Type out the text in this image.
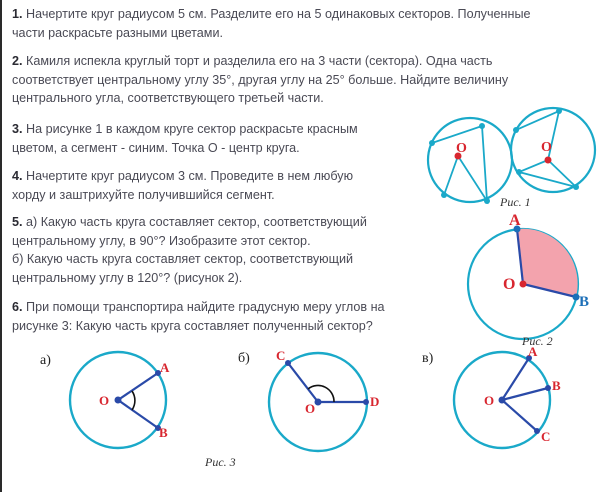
1. Начертите круг радиусом 5 см. Разделите его на 5 одинаковых секторов. Полученные
части раскрасьте разными цветами.

2. Камиля испекла круглый торт и разделила его на 3 части (сектора). Одна часть
соответствует центральному углу 35°, другая углу на 25° больше. Найдите величину
центрального угла, соответствующего третьей части.

3. На рисунке 1 в каждом круге сектор раскрасьте красным
цветом, а сегмент - синим. Точка О - центр круга.

4. Начертите круг радиусом 3 см. Проведите в нем любую
хорду и заштрихуйте получившийся сегмент.

5. а) Какую часть круга составляет сектор, соответствующий
центральному углу, в 90°? Изобразите этот сектор.
б) Какую часть круга составляет сектор, соответствующий
центральному углу в 120°? (рисунок 2).

6. При помощи транспортира найдите градусную меру углов на
рисунке 3: Какую часть круга составляет полученный сектор?

O	O
Рис. 1
A
O
B
Рис. 2
а)
O
A
B
б)
O
C
D
в)
O
A
B
C
Рис. 3
